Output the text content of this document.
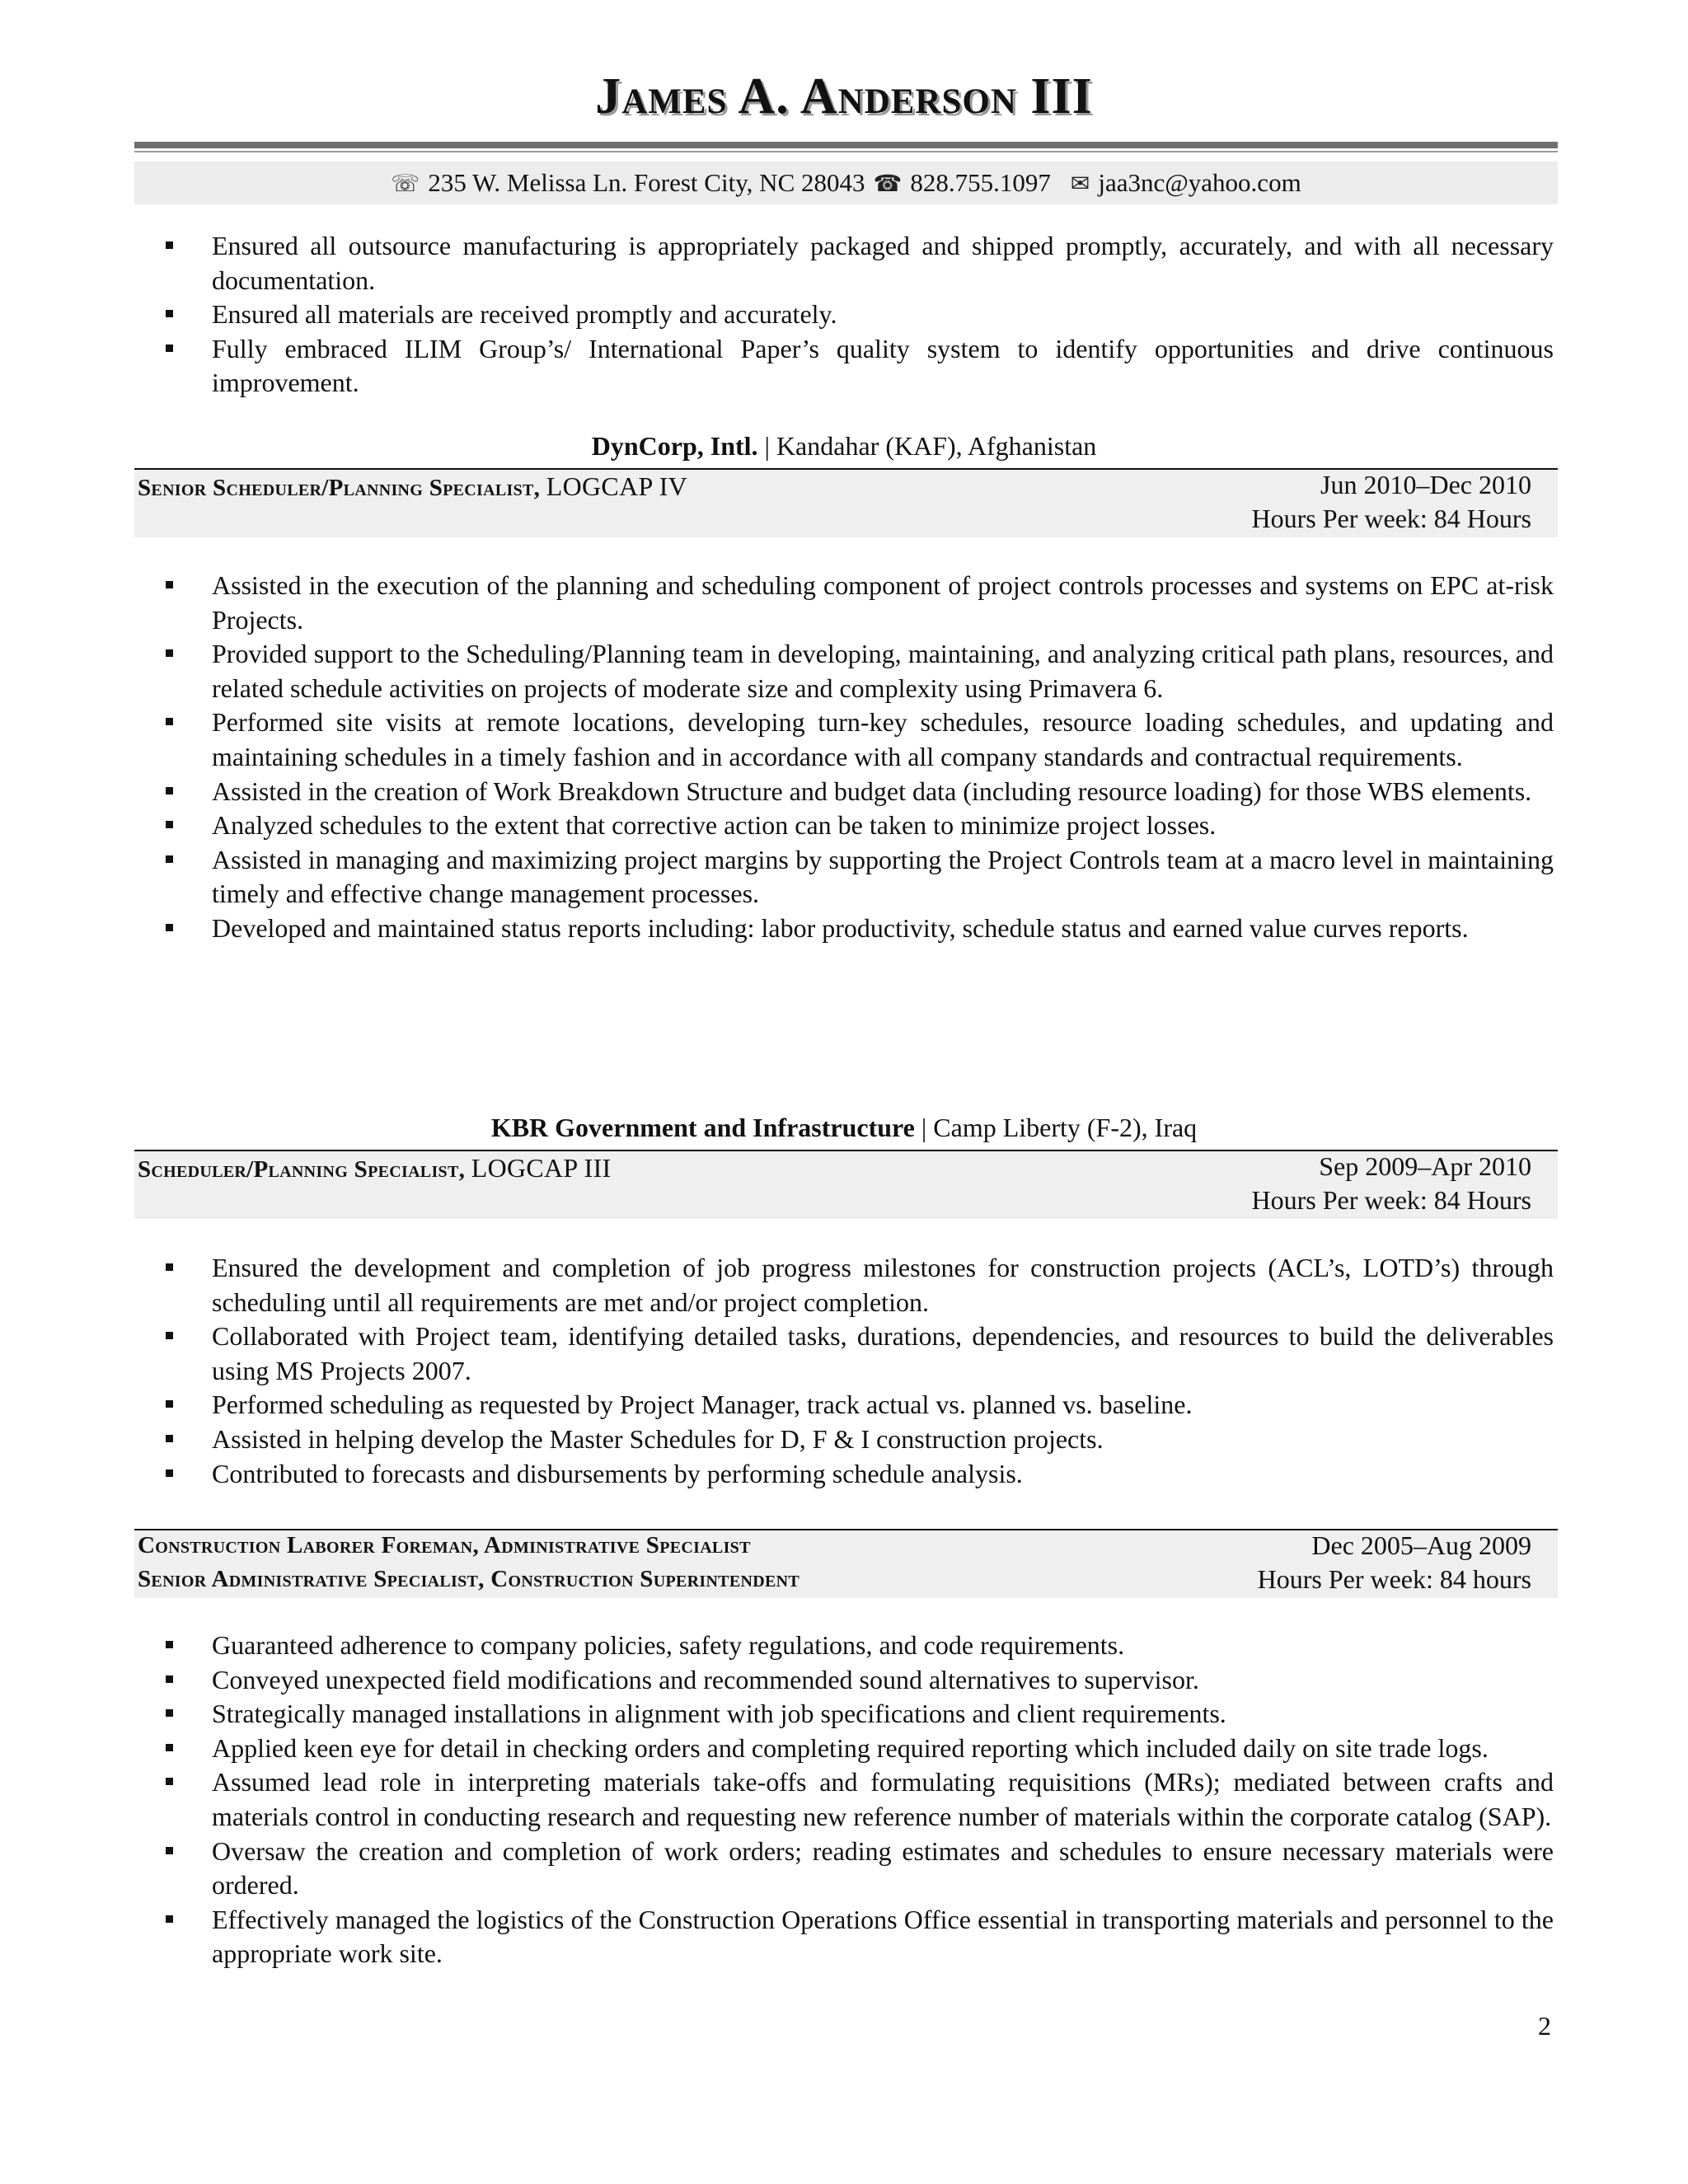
James A. Anderson III
☏ 235 W. Melissa Ln. Forest City, NC 28043 ☎ 828.755.1097 ✉ jaa3nc@yahoo.com
Ensured all outsource manufacturing is appropriately packaged and shipped promptly, accurately, and with all necessary documentation.
Ensured all materials are received promptly and accurately.
Fully embraced ILIM Group’s/ International Paper’s quality system to identify opportunities and drive continuous improvement.
DynCorp, Intl. | Kandahar (KAF), Afghanistan
Senior Scheduler/Planning Specialist, LOGCAP IV	Jun 2010–Dec 2010
Hours Per week: 84 Hours
Assisted in the execution of the planning and scheduling component of project controls processes and systems on EPC at-risk Projects.
Provided support to the Scheduling/Planning team in developing, maintaining, and analyzing critical path plans, resources, and related schedule activities on projects of moderate size and complexity using Primavera 6.
Performed site visits at remote locations, developing turn-key schedules, resource loading schedules, and updating and maintaining schedules in a timely fashion and in accordance with all company standards and contractual requirements.
Assisted in the creation of Work Breakdown Structure and budget data (including resource loading) for those WBS elements.
Analyzed schedules to the extent that corrective action can be taken to minimize project losses.
Assisted in managing and maximizing project margins by supporting the Project Controls team at a macro level in maintaining timely and effective change management processes.
Developed and maintained status reports including: labor productivity, schedule status and earned value curves reports.
KBR Government and Infrastructure | Camp Liberty (F-2), Iraq
Scheduler/Planning Specialist, LOGCAP III	Sep 2009–Apr 2010
Hours Per week: 84 Hours
Ensured the development and completion of job progress milestones for construction projects (ACL’s, LOTD’s) through scheduling until all requirements are met and/or project completion.
Collaborated with Project team, identifying detailed tasks, durations, dependencies, and resources to build the deliverables using MS Projects 2007.
Performed scheduling as requested by Project Manager, track actual vs. planned vs. baseline.
Assisted in helping develop the Master Schedules for D, F & I construction projects.
Contributed to forecasts and disbursements by performing schedule analysis.
Construction Laborer Foreman, Administrative Specialist	Dec 2005–Aug 2009
Senior Administrative Specialist, Construction Superintendent	Hours Per week: 84 hours
Guaranteed adherence to company policies, safety regulations, and code requirements.
Conveyed unexpected field modifications and recommended sound alternatives to supervisor.
Strategically managed installations in alignment with job specifications and client requirements.
Applied keen eye for detail in checking orders and completing required reporting which included daily on site trade logs.
Assumed lead role in interpreting materials take-offs and formulating requisitions (MRs); mediated between crafts and materials control in conducting research and requesting new reference number of materials within the corporate catalog (SAP).
Oversaw the creation and completion of work orders; reading estimates and schedules to ensure necessary materials were ordered.
Effectively managed the logistics of the Construction Operations Office essential in transporting materials and personnel to the appropriate work site.
2
